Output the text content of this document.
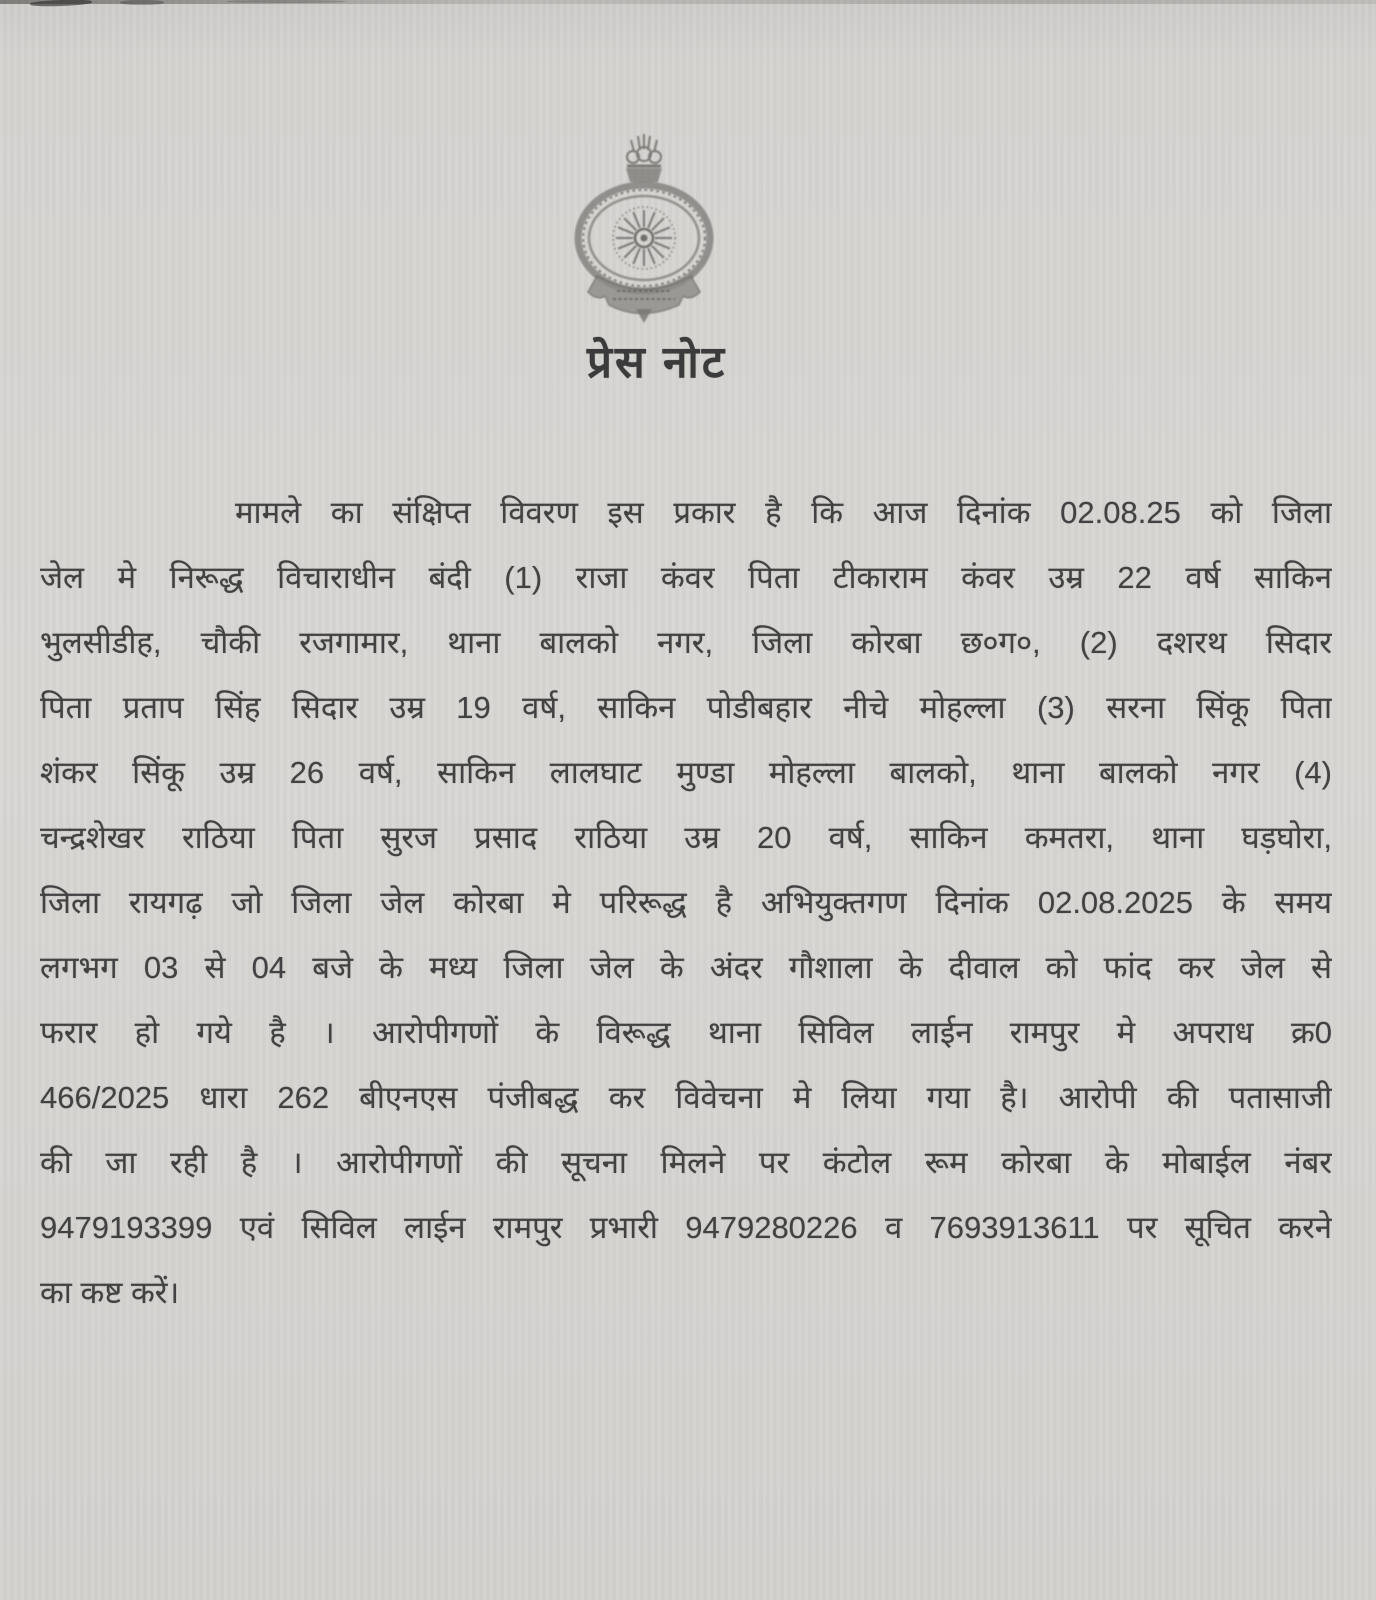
प्रेस नोट
मामले का संक्षिप्त विवरण इस प्रकार है कि आज दिनांक 02.08.25 को जिला
जेल मे निरूद्ध विचाराधीन बंदी (1) राजा कंवर पिता टीकाराम कंवर उम्र 22 वर्ष साकिन
भुलसीडीह, चौकी रजगामार, थाना बालको नगर, जिला कोरबा छ०ग०, (2) दशरथ सिदार
पिता प्रताप सिंह सिदार उम्र 19 वर्ष, साकिन पोडीबहार नीचे मोहल्ला (3) सरना सिंकू पिता
शंकर सिंकू उम्र 26 वर्ष, साकिन लालघाट मुण्डा मोहल्ला बालको, थाना बालको नगर (4)
चन्द्रशेखर राठिया पिता सुरज प्रसाद राठिया उम्र 20 वर्ष, साकिन कमतरा, थाना घड़घोरा,
जिला रायगढ़ जो जिला जेल कोरबा मे परिरूद्ध है अभियुक्तगण दिनांक 02.08.2025 के समय
लगभग 03 से 04 बजे के मध्य जिला जेल के अंदर गौशाला के दीवाल को फांद कर जेल से
फरार हो गये है । आरोपीगणों के विरूद्ध थाना सिविल लाईन रामपुर मे अपराध क्र0
466/2025 धारा 262 बीएनएस पंजीबद्ध कर विवेचना मे लिया गया है। आरोपी की पतासाजी
की जा रही है । आरोपीगणों की सूचना मिलने पर कंटोल रूम कोरबा के मोबाईल नंबर
9479193399 एवं सिविल लाईन रामपुर प्रभारी 9479280226 व 7693913611 पर सूचित करने
का कष्ट करें।
